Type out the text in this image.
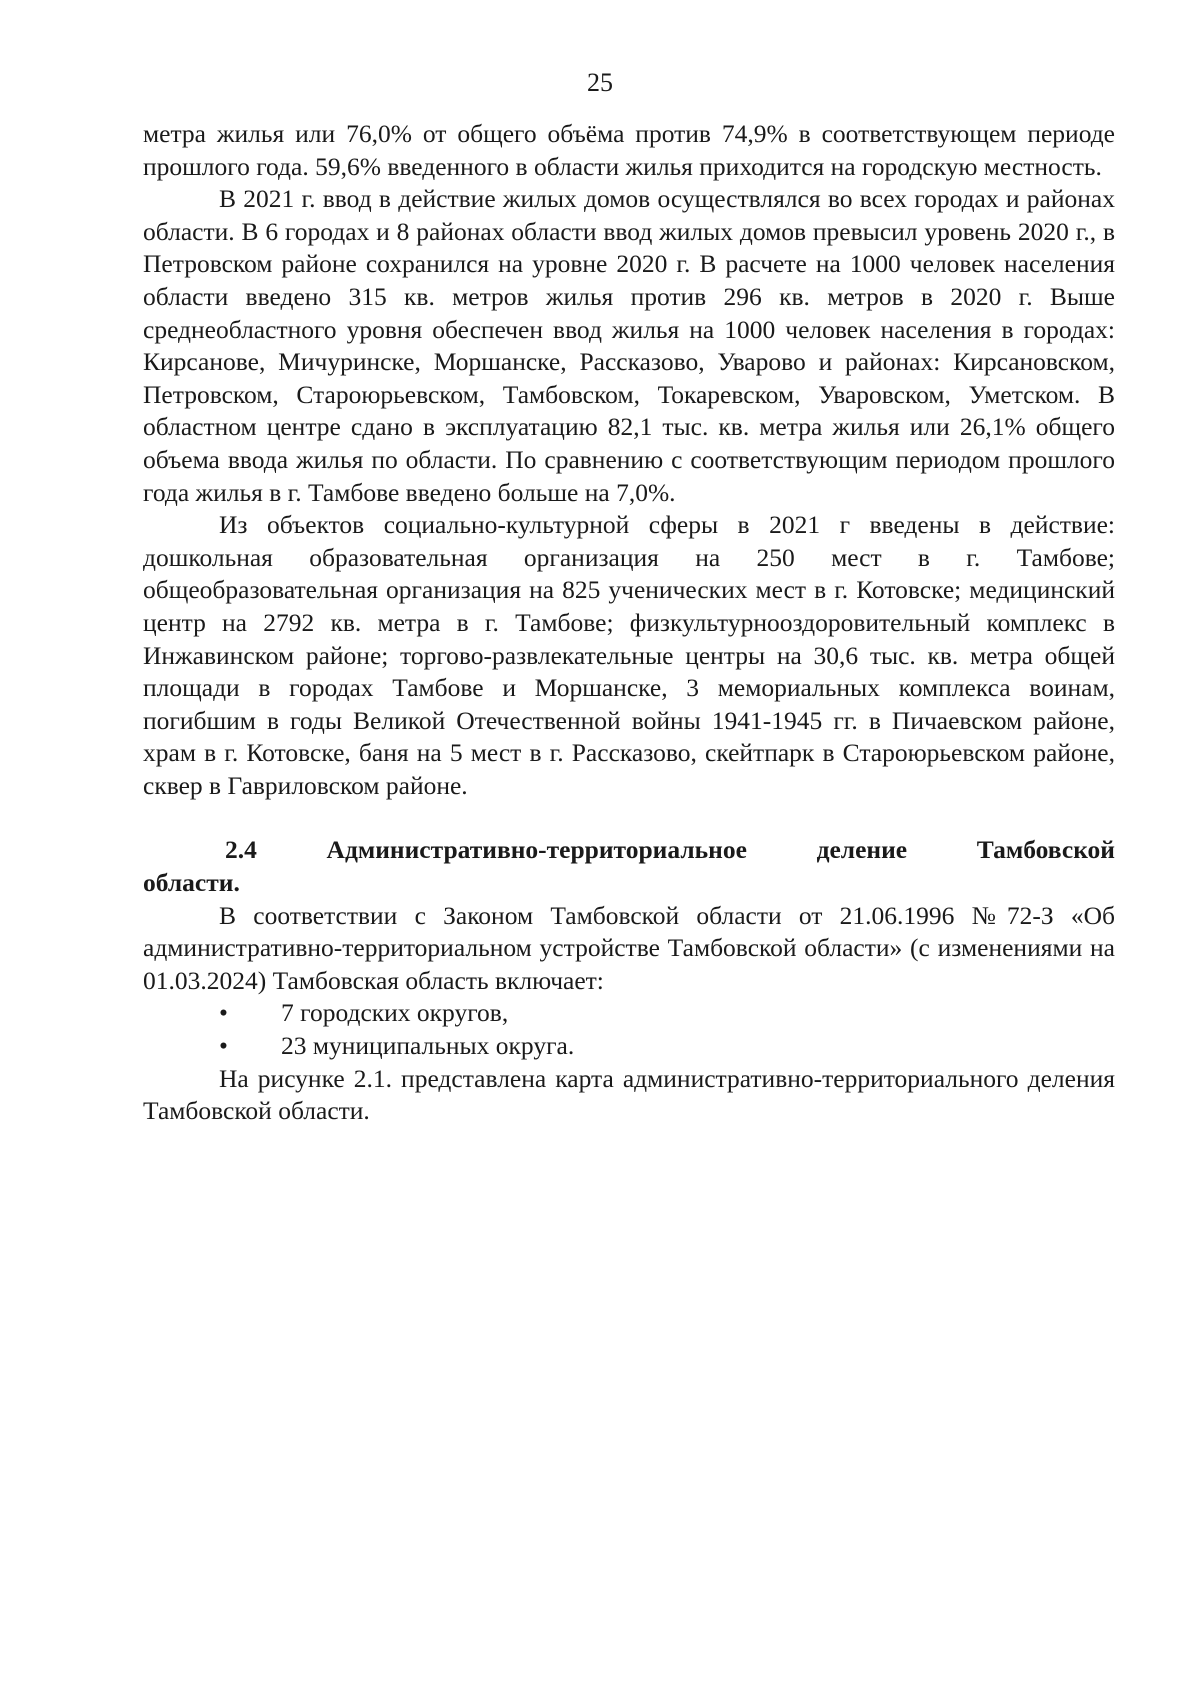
25

метра жилья или 76,0% от общего объёма против 74,9% в соответствующем периоде прошлого года. 59,6% введенного в области жилья приходится на городскую местность.

В 2021 г. ввод в действие жилых домов осуществлялся во всех городах и районах области. В 6 городах и 8 районах области ввод жилых домов превысил уровень 2020 г., в Петровском районе сохранился на уровне 2020 г. В расчете на 1000 человек населения области введено 315 кв. метров жилья против 296 кв. метров в 2020 г. Выше среднеобластного уровня обеспечен ввод жилья на 1000 человек населения в городах: Кирсанове, Мичуринске, Моршанске, Рассказово, Уварово и районах: Кирсановском, Петровском, Староюрьевском, Тамбовском, Токаревском, Уваровском, Уметском. В областном центре сдано в эксплуатацию 82,1 тыс. кв. метра жилья или 26,1% общего объема ввода жилья по области. По сравнению с соответствующим периодом прошлого года жилья в г. Тамбове введено больше на 7,0%.

Из объектов социально-культурной сферы в 2021 г введены в действие: дошкольная образовательная организация на 250 мест в г. Тамбове; общеобразовательная организация на 825 ученических мест в г. Котовске; медицинский центр на 2792 кв. метра в г. Тамбове; физкультурнооздоровительный комплекс в Инжавинском районе; торгово-развлекательные центры на 30,6 тыс. кв. метра общей площади в городах Тамбове и Моршанске, 3 мемориальных комплекса воинам, погибшим в годы Великой Отечественной войны 1941-1945 гг. в Пичаевском районе, храм в г. Котовске, баня на 5 мест в г. Рассказово, скейтпарк в Староюрьевском районе, сквер в Гавриловском районе.

2.4	Административно-территориальное деление Тамбовской области.

В соответствии с Законом Тамбовской области от 21.06.1996 №72-З «Об административно-территориальном устройстве Тамбовской области» (с изменениями на 01.03.2024) Тамбовская область включает:

• 7 городских округов,
• 23 муниципальных округа.

На рисунке 2.1. представлена карта административно-территориального деления Тамбовской области.
